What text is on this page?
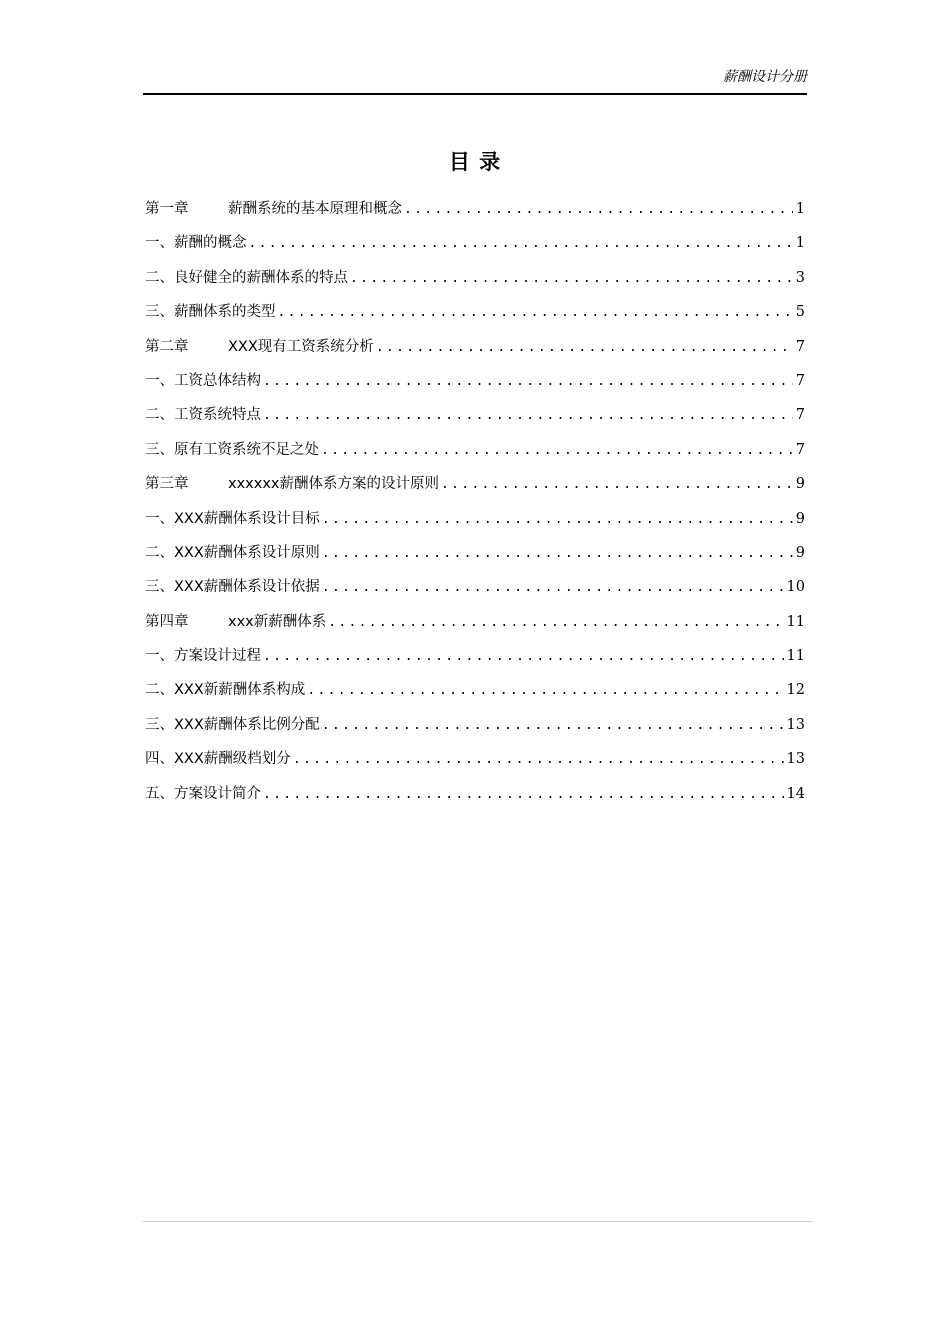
薪酬设计分册
目 录
第一章	薪酬系统的基本原理和概念 .....	1
一、薪酬的概念 .....	1
二、良好健全的薪酬体系的特点 .....	3
三、薪酬体系的类型 .....	5
第二章	XXX现有工资系统分析 .....	7
一、工资总体结构 .....	7
二、工资系统特点 .....	7
三、原有工资系统不足之处 .....	7
第三章	xxxxxx薪酬体系方案的设计原则 .....	9
一、XXX薪酬体系设计目标 .....	9
二、XXX薪酬体系设计原则 .....	9
三、XXX薪酬体系设计依据 .....	10
第四章	xxx新薪酬体系 .....	11
一、方案设计过程 .....	11
二、XXX新薪酬体系构成 .....	12
三、XXX薪酬体系比例分配 .....	13
四、XXX薪酬级档划分 .....	13
五、方案设计简介 .....	14
